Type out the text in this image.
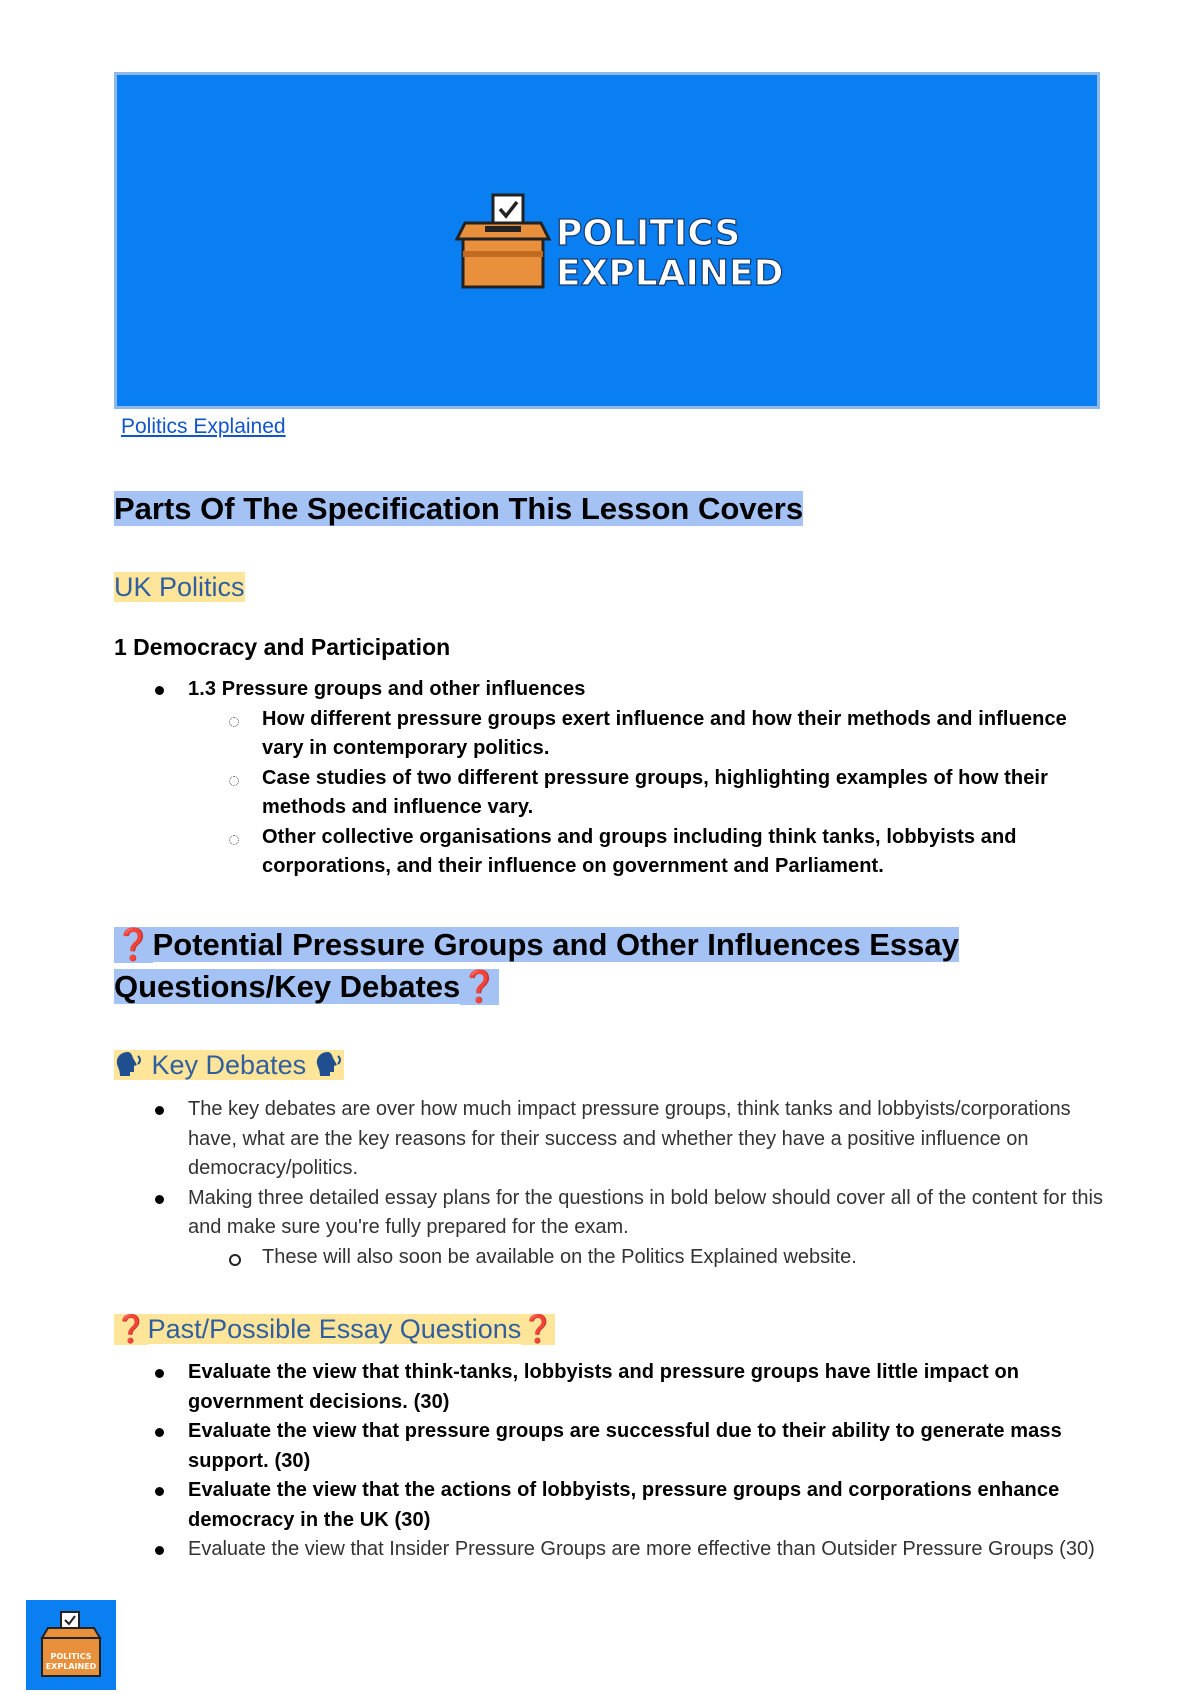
POLITICS
EXPLAINED
Politics Explained
Parts Of The Specification This Lesson Covers
UK Politics
1 Democracy and Participation
1.3 Pressure groups and other influences
How different pressure groups exert influence and how their methods and influence vary in contemporary politics.
Case studies of two different pressure groups, highlighting examples of how their methods and influence vary.
Other collective organisations and groups including think tanks, lobbyists and corporations, and their influence on government and Parliament.
❓Potential Pressure Groups and Other Influences Essay
Questions/Key Debates❓
Key Debates
The key debates are over how much impact pressure groups, think tanks and lobbyists/corporations have, what are the key reasons for their success and whether they have a positive influence on democracy/politics.
Making three detailed essay plans for the questions in bold below should cover all of the content for this and make sure you're fully prepared for the exam.
These will also soon be available on the Politics Explained website.
❓Past/Possible Essay Questions❓
Evaluate the view that think-tanks, lobbyists and pressure groups have little impact on government decisions. (30)
Evaluate the view that pressure groups are successful due to their ability to generate mass support. (30)
Evaluate the view that the actions of lobbyists, pressure groups and corporations enhance democracy in the UK (30)
Evaluate the view that Insider Pressure Groups are more effective than Outsider Pressure Groups (30)
POLITICS
EXPLAINED
